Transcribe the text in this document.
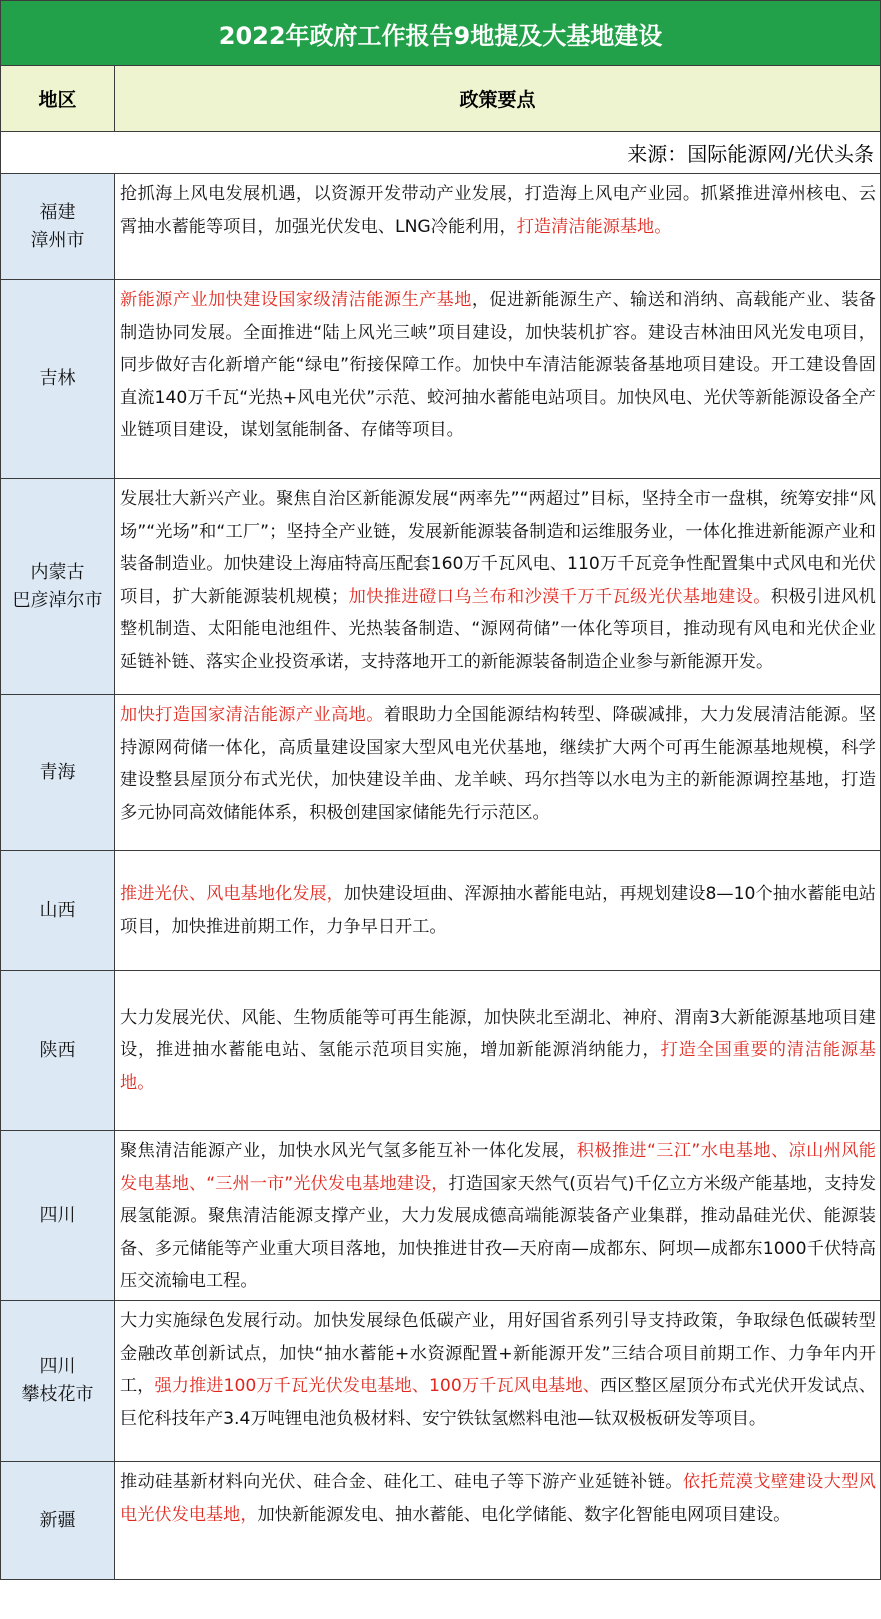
2022年政府工作报告9地提及大基地建设
地区	政策要点
来源：国际能源网/光伏头条
福建
漳州市
抢抓海上风电发展机遇，以资源开发带动产业发展，打造海上风电产业园。抓紧推进漳州核电、云霄抽水蓄能等项目，加强光伏发电、LNG冷能利用，打造清洁能源基地。
吉林
新能源产业加快建设国家级清洁能源生产基地，促进新能源生产、输送和消纳、高载能产业、装备制造协同发展。全面推进“陆上风光三峡”项目建设，加快装机扩容。建设吉林油田风光发电项目，同步做好吉化新增产能“绿电”衔接保障工作。加快中车清洁能源装备基地项目建设。开工建设鲁固直流140万千瓦“光热+风电光伏”示范、蛟河抽水蓄能电站项目。加快风电、光伏等新能源设备全产业链项目建设，谋划氢能制备、存储等项目。
内蒙古
巴彦淖尔市
发展壮大新兴产业。聚焦自治区新能源发展“两率先”“两超过”目标，坚持全市一盘棋，统筹安排“风场”“光场”和“工厂”；坚持全产业链，发展新能源装备制造和运维服务业，一体化推进新能源产业和装备制造业。加快建设上海庙特高压配套160万千瓦风电、110万千瓦竞争性配置集中式风电和光伏项目，扩大新能源装机规模；加快推进磴口乌兰布和沙漠千万千瓦级光伏基地建设。积极引进风机整机制造、太阳能电池组件、光热装备制造、“源网荷储”一体化等项目，推动现有风电和光伏企业延链补链、落实企业投资承诺，支持落地开工的新能源装备制造企业参与新能源开发。
青海
加快打造国家清洁能源产业高地。着眼助力全国能源结构转型、降碳减排，大力发展清洁能源。坚持源网荷储一体化，高质量建设国家大型风电光伏基地，继续扩大两个可再生能源基地规模，科学建设整县屋顶分布式光伏，加快建设羊曲、龙羊峡、玛尔挡等以水电为主的新能源调控基地，打造多元协同高效储能体系，积极创建国家储能先行示范区。
山西
推进光伏、风电基地化发展，加快建设垣曲、浑源抽水蓄能电站，再规划建设8—10个抽水蓄能电站项目，加快推进前期工作，力争早日开工。
陕西
大力发展光伏、风能、生物质能等可再生能源，加快陕北至湖北、神府、渭南3大新能源基地项目建设，推进抽水蓄能电站、氢能示范项目实施，增加新能源消纳能力，打造全国重要的清洁能源基地。
四川
聚焦清洁能源产业，加快水风光气氢多能互补一体化发展，积极推进“三江”水电基地、凉山州风能发电基地、“三州一市”光伏发电基地建设，打造国家天然气(页岩气)千亿立方米级产能基地，支持发展氢能源。聚焦清洁能源支撑产业，大力发展成德高端能源装备产业集群，推动晶硅光伏、能源装备、多元储能等产业重大项目落地，加快推进甘孜—天府南—成都东、阿坝—成都东1000千伏特高压交流输电工程。
四川
攀枝花市
大力实施绿色发展行动。加快发展绿色低碳产业，用好国省系列引导支持政策，争取绿色低碳转型金融改革创新试点，加快“抽水蓄能+水资源配置+新能源开发”三结合项目前期工作、力争年内开工，强力推进100万千瓦光伏发电基地、100万千瓦风电基地、西区整区屋顶分布式光伏开发试点、巨佗科技年产3.4万吨锂电池负极材料、安宁铁钛氢燃料电池—钛双极板研发等项目。
新疆
推动硅基新材料向光伏、硅合金、硅化工、硅电子等下游产业延链补链。依托荒漠戈壁建设大型风电光伏发电基地，加快新能源发电、抽水蓄能、电化学储能、数字化智能电网项目建设。
